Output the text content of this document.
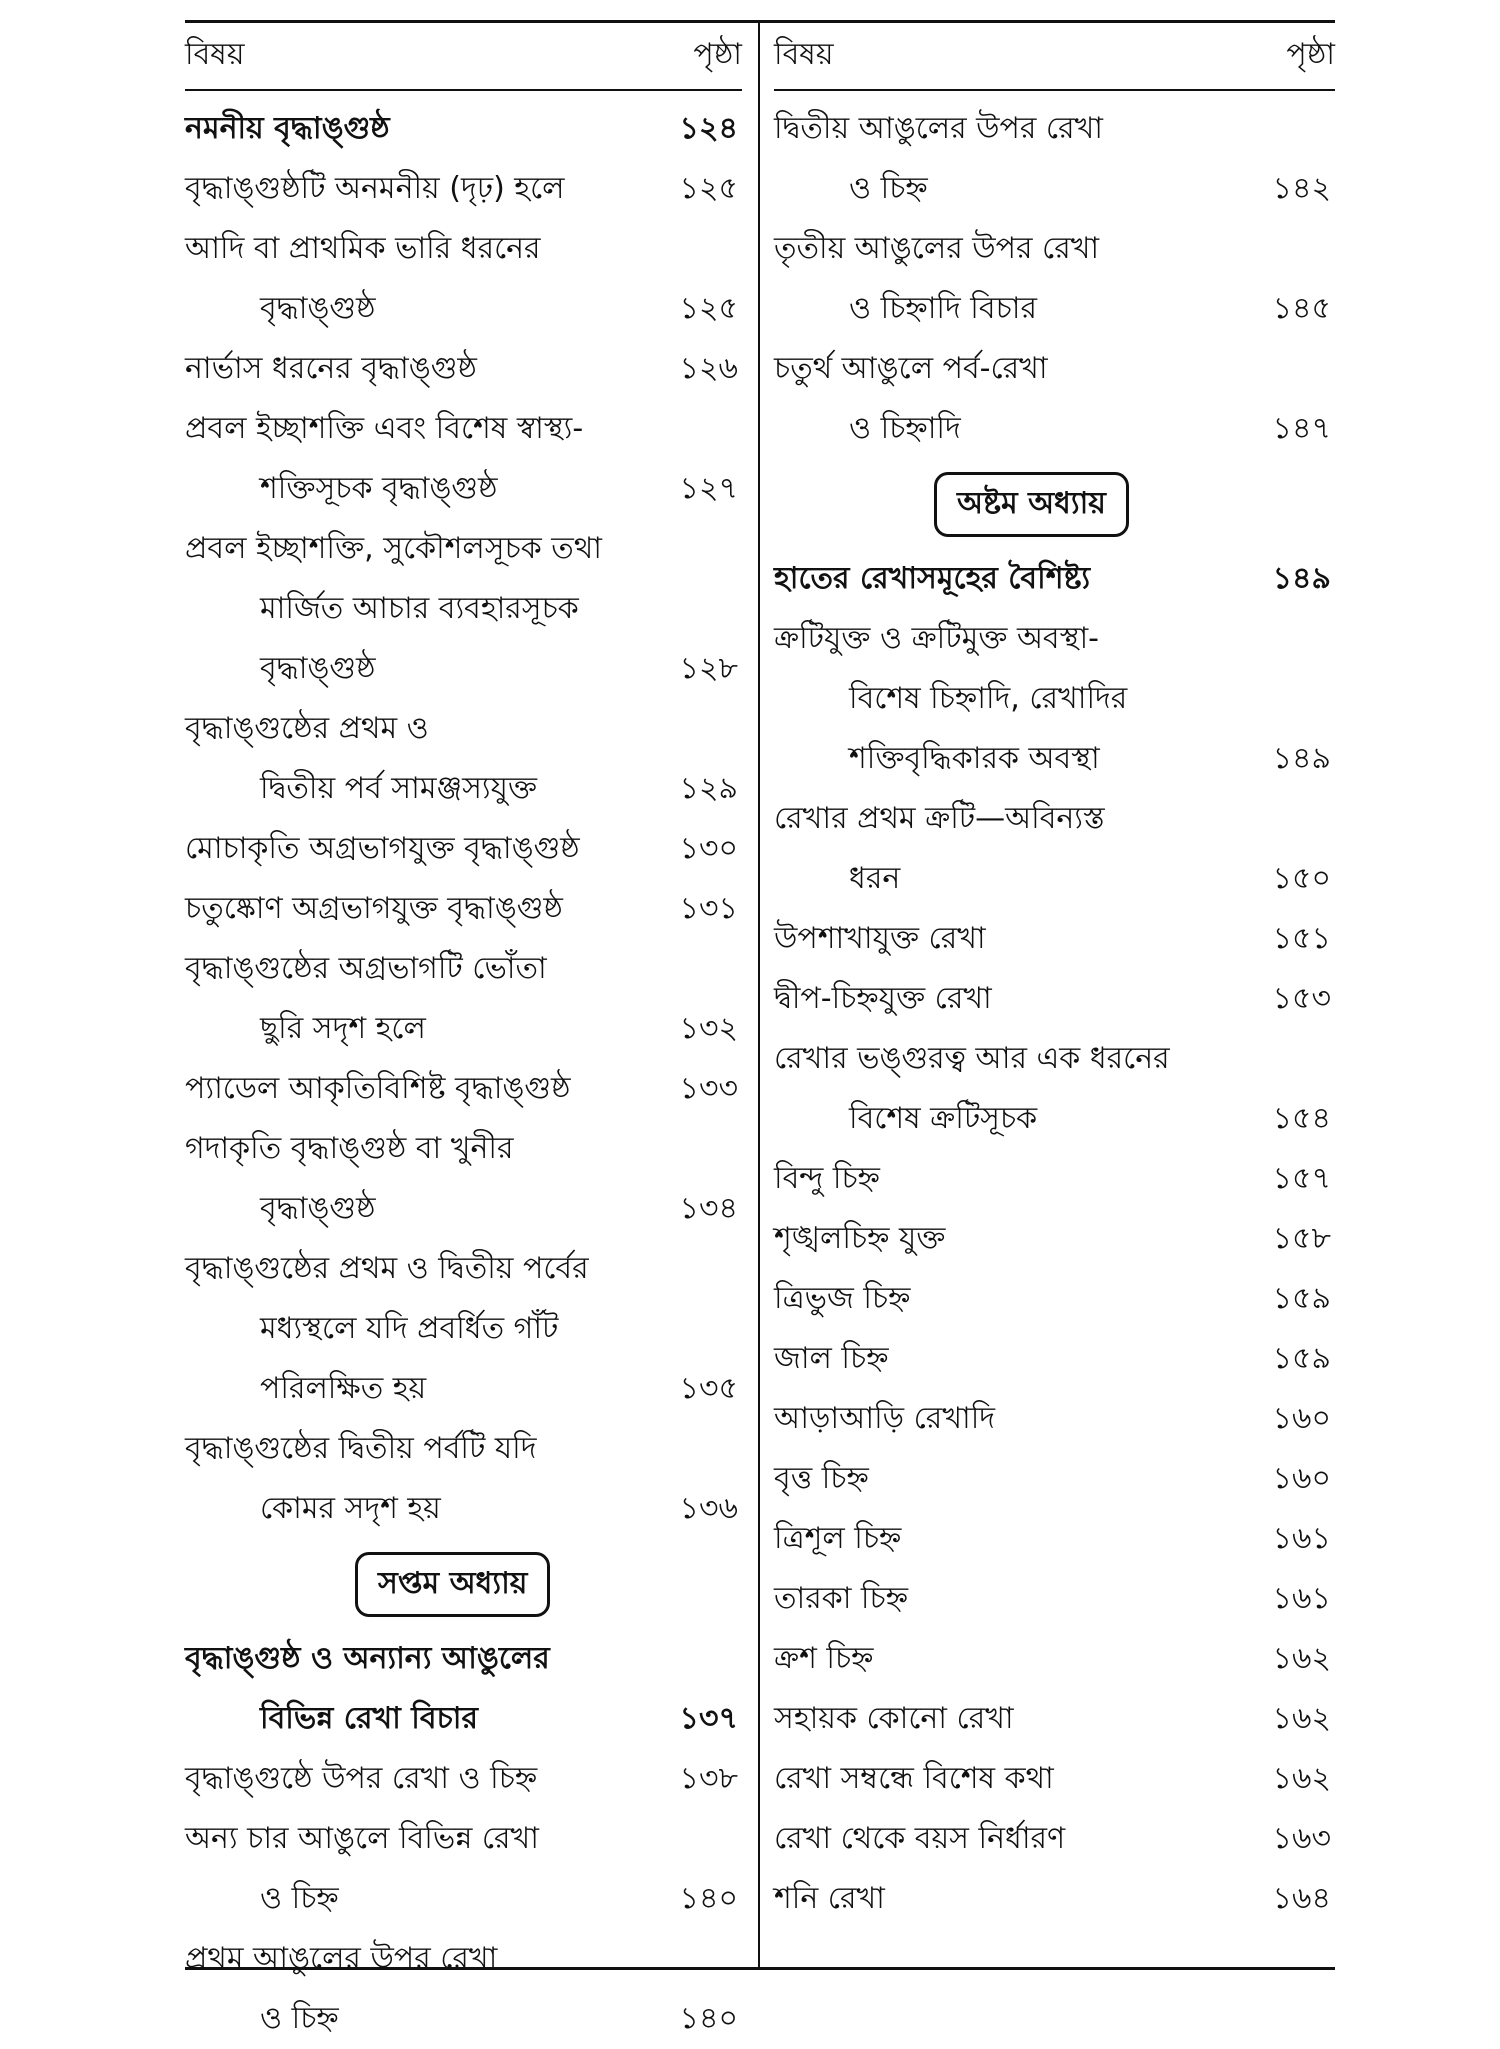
বিষয়	পৃষ্ঠা
নমনীয় বৃদ্ধাঙ্গুষ্ঠ	১২৪
বৃদ্ধাঙ্গুষ্ঠটি অনমনীয় (দৃঢ়) হলে	১২৫
আদি বা প্রাথমিক ভারি ধরনের
বৃদ্ধাঙ্গুষ্ঠ	১২৫
নার্ভাস ধরনের বৃদ্ধাঙ্গুষ্ঠ	১২৬
প্রবল ইচ্ছাশক্তি এবং বিশেষ স্বাস্থ্য-
শক্তিসূচক বৃদ্ধাঙ্গুষ্ঠ	১২৭
প্রবল ইচ্ছাশক্তি, সুকৌশলসূচক তথা
মার্জিত আচার ব্যবহারসূচক
বৃদ্ধাঙ্গুষ্ঠ	১২৮
বৃদ্ধাঙ্গুষ্ঠের প্রথম ও
দ্বিতীয় পর্ব সামঞ্জস্যযুক্ত	১২৯
মোচাকৃতি অগ্রভাগযুক্ত বৃদ্ধাঙ্গুষ্ঠ	১৩০
চতুষ্কোণ অগ্রভাগযুক্ত বৃদ্ধাঙ্গুষ্ঠ	১৩১
বৃদ্ধাঙ্গুষ্ঠের অগ্রভাগটি ভোঁতা
ছুরি সদৃশ হলে	১৩২
প্যাডেল আকৃতিবিশিষ্ট বৃদ্ধাঙ্গুষ্ঠ	১৩৩
গদাকৃতি বৃদ্ধাঙ্গুষ্ঠ বা খুনীর
বৃদ্ধাঙ্গুষ্ঠ	১৩৪
বৃদ্ধাঙ্গুষ্ঠের প্রথম ও দ্বিতীয় পর্বের
মধ্যস্থলে যদি প্রবর্ধিত গাঁট
পরিলক্ষিত হয়	১৩৫
বৃদ্ধাঙ্গুষ্ঠের দ্বিতীয় পর্বটি যদি
কোমর সদৃশ হয়	১৩৬
সপ্তম অধ্যায়
বৃদ্ধাঙ্গুষ্ঠ ও অন্যান্য আঙুলের
বিভিন্ন রেখা বিচার	১৩৭
বৃদ্ধাঙ্গুষ্ঠে উপর রেখা ও চিহ্ন	১৩৮
অন্য চার আঙুলে বিভিন্ন রেখা
ও চিহ্ন	১৪০
প্রথম আঙুলের উপর রেখা
ও চিহ্ন	১৪০
বিষয়	পৃষ্ঠা
দ্বিতীয় আঙুলের উপর রেখা
ও চিহ্ন	১৪২
তৃতীয় আঙুলের উপর রেখা
ও চিহ্নাদি বিচার	১৪৫
চতুর্থ আঙুলে পর্ব-রেখা
ও চিহ্নাদি	১৪৭
অষ্টম অধ্যায়
হাতের রেখাসমূহের বৈশিষ্ট্য	১৪৯
ক্রটিযুক্ত ও ক্রটিমুক্ত অবস্থা-
বিশেষ চিহ্নাদি, রেখাদির
শক্তিবৃদ্ধিকারক অবস্থা	১৪৯
রেখার প্রথম ক্রটি—অবিন্যস্ত
ধরন	১৫০
উপশাখাযুক্ত রেখা	১৫১
দ্বীপ-চিহ্নযুক্ত রেখা	১৫৩
রেখার ভঙ্গুরত্ব আর এক ধরনের
বিশেষ ক্রটিসূচক	১৫৪
বিন্দু চিহ্ন	১৫৭
শৃঙ্খলচিহ্ন যুক্ত	১৫৮
ত্রিভুজ চিহ্ন	১৫৯
জাল চিহ্ন	১৫৯
আড়াআড়ি রেখাদি	১৬০
বৃত্ত চিহ্ন	১৬০
ত্রিশূল চিহ্ন	১৬১
তারকা চিহ্ন	১৬১
ক্রশ চিহ্ন	১৬২
সহায়ক কোনো রেখা	১৬২
রেখা সম্বন্ধে বিশেষ কথা	১৬২
রেখা থেকে বয়স নির্ধারণ	১৬৩
শনি রেখা	১৬৪
